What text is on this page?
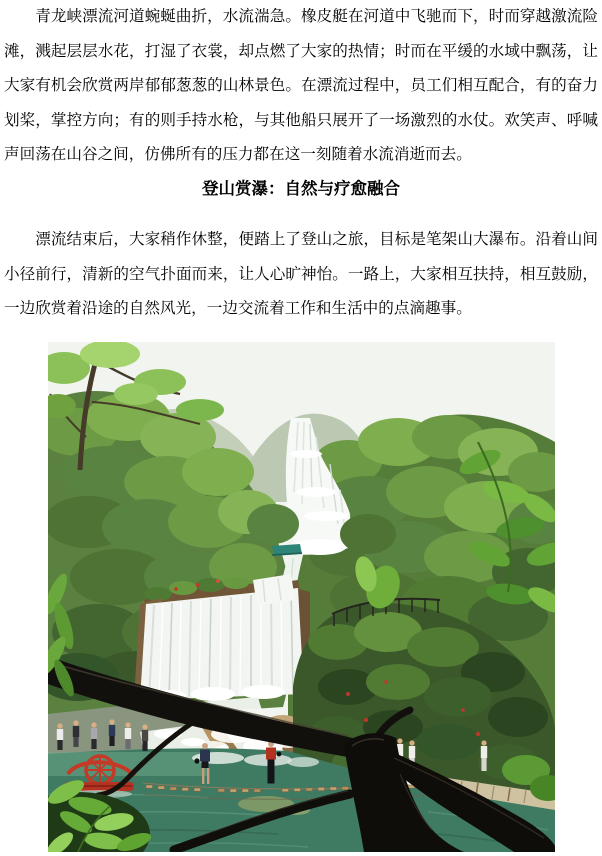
青龙峡漂流河道蜿蜒曲折，水流湍急。橡皮艇在河道中飞驰而下，时而穿越激流险滩，溅起层层水花，打湿了衣裳，却点燃了大家的热情；时而在平缓的水域中飘荡，让大家有机会欣赏两岸郁郁葱葱的山林景色。在漂流过程中，员工们相互配合，有的奋力划桨，掌控方向；有的则手持水枪，与其他船只展开了一场激烈的水仗。欢笑声、呼喊声回荡在山谷之间，仿佛所有的压力都在这一刻随着水流消逝而去。

登山赏瀑：自然与疗愈融合

漂流结束后，大家稍作休整，便踏上了登山之旅，目标是笔架山大瀑布。沿着山间小径前行，清新的空气扑面而来，让人心旷神怡。一路上，大家相互扶持，相互鼓励，一边欣赏着沿途的自然风光，一边交流着工作和生活中的点滴趣事。
